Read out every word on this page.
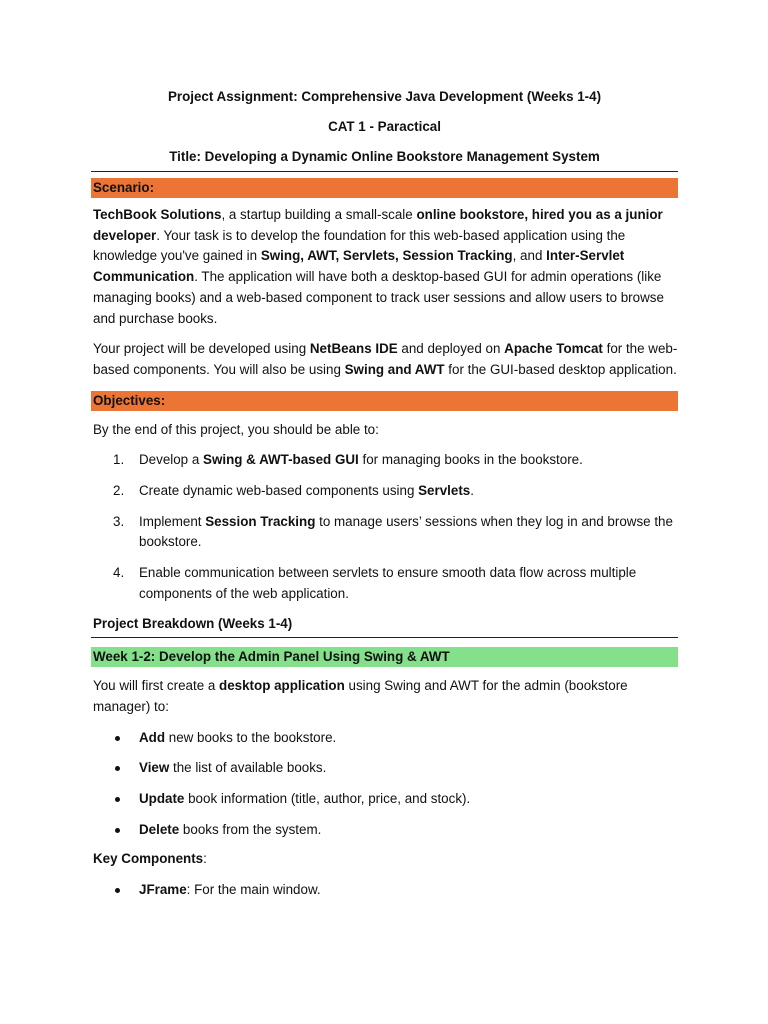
Project Assignment: Comprehensive Java Development (Weeks 1-4)

CAT 1 - Paractical

Title: Developing a Dynamic Online Bookstore Management System

Scenario:

TechBook Solutions, a startup building a small-scale online bookstore, hired you as a junior developer. Your task is to develop the foundation for this web-based application using the knowledge you've gained in Swing, AWT, Servlets, Session Tracking, and Inter-Servlet Communication. The application will have both a desktop-based GUI for admin operations (like managing books) and a web-based component to track user sessions and allow users to browse and purchase books.

Your project will be developed using NetBeans IDE and deployed on Apache Tomcat for the web-based components. You will also be using Swing and AWT for the GUI-based desktop application.

Objectives:

By the end of this project, you should be able to:

1. Develop a Swing & AWT-based GUI for managing books in the bookstore.
2. Create dynamic web-based components using Servlets.
3. Implement Session Tracking to manage users’ sessions when they log in and browse the bookstore.
4. Enable communication between servlets to ensure smooth data flow across multiple components of the web application.

Project Breakdown (Weeks 1-4)

Week 1-2: Develop the Admin Panel Using Swing & AWT

You will first create a desktop application using Swing and AWT for the admin (bookstore manager) to:

Add new books to the bookstore.
View the list of available books.
Update book information (title, author, price, and stock).
Delete books from the system.

Key Components:

JFrame: For the main window.
